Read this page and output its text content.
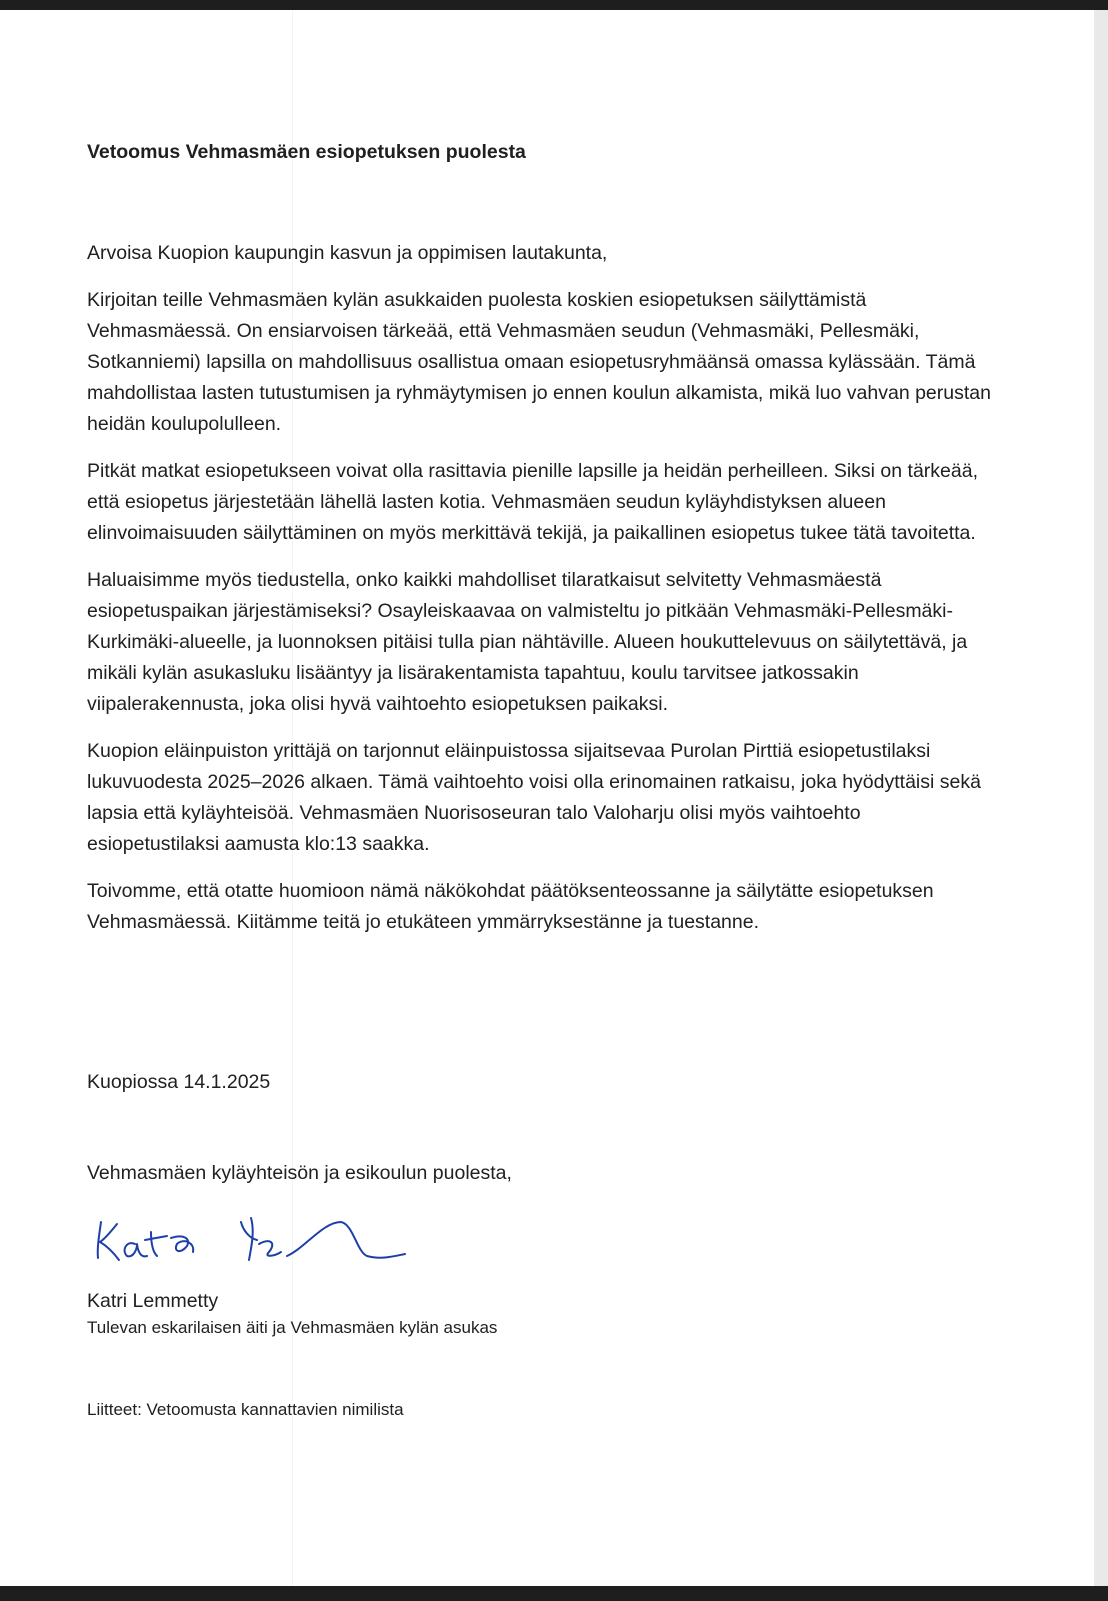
Vetoomus Vehmasmäen esiopetuksen puolesta

Arvoisa Kuopion kaupungin kasvun ja oppimisen lautakunta,

Kirjoitan teille Vehmasmäen kylän asukkaiden puolesta koskien esiopetuksen säilyttämistä Vehmasmäessä. On ensiarvoisen tärkeää, että Vehmasmäen seudun (Vehmasmäki, Pellesmäki, Sotkanniemi) lapsilla on mahdollisuus osallistua omaan esiopetusryhmäänsä omassa kylässään. Tämä mahdollistaa lasten tutustumisen ja ryhmäytymisen jo ennen koulun alkamista, mikä luo vahvan perustan heidän koulupolulleen.

Pitkät matkat esiopetukseen voivat olla rasittavia pienille lapsille ja heidän perheilleen. Siksi on tärkeää, että esiopetus järjestetään lähellä lasten kotia. Vehmasmäen seudun kyläyhdistyksen alueen elinvoimaisuuden säilyttäminen on myös merkittävä tekijä, ja paikallinen esiopetus tukee tätä tavoitetta.

Haluaisimme myös tiedustella, onko kaikki mahdolliset tilaratkaisut selvitetty Vehmasmäestä esiopetuspaikan järjestämiseksi? Osayleiskaavaa on valmisteltu jo pitkään Vehmasmäki-Pellesmäki-Kurkimäki-alueelle, ja luonnoksen pitäisi tulla pian nähtäville. Alueen houkuttelevuus on säilytettävä, ja mikäli kylän asukasluku lisääntyy ja lisärakentamista tapahtuu, koulu tarvitsee jatkossakin viipalerakennusta, joka olisi hyvä vaihtoehto esiopetuksen paikaksi.

Kuopion eläinpuiston yrittäjä on tarjonnut eläinpuistossa sijaitsevaa Purolan Pirttiä esiopetustilaksi lukuvuodesta 2025–2026 alkaen. Tämä vaihtoehto voisi olla erinomainen ratkaisu, joka hyödyttäisi sekä lapsia että kyläyhteisöä. Vehmasmäen Nuorisoseuran talo Valoharju olisi myös vaihtoehto esiopetustilaksi aamusta klo:13 saakka.

Toivomme, että otatte huomioon nämä näkökohdat päätöksenteossanne ja säilytätte esiopetuksen Vehmasmäessä. Kiitämme teitä jo etukäteen ymmärryksestänne ja tuestanne.

Kuopiossa 14.1.2025

Vehmasmäen kyläyhteisön ja esikoulun puolesta,

Katri Lemmetty

Tulevan eskarilaisen äiti ja Vehmasmäen kylän asukas

Liitteet: Vetoomusta kannattavien nimilista
